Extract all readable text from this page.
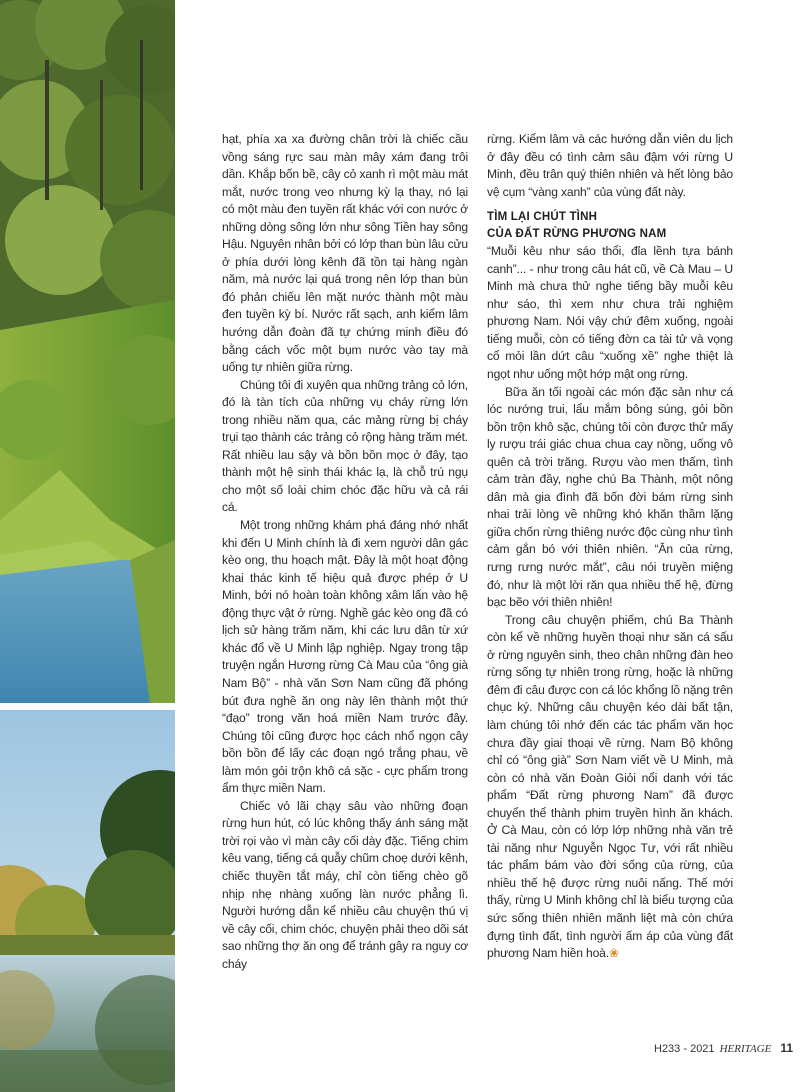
hạt, phía xa xa đường chân trời là chiếc cầu vồng sáng rực sau màn mây xám đang trôi dần. Khắp bốn bề, cây cỏ xanh rì một màu mát mắt, nước trong veo nhưng kỳ lạ thay, nó lại có một màu đen tuyền rất khác với con nước ở những dòng sông lớn như sông Tiền hay sông Hậu. Nguyên nhân bởi có lớp than bùn lâu cửu ở phía dưới lòng kênh đã tồn tại hàng ngàn năm, mà nước lại quá trong nên lớp than bùn đó phản chiếu lên mặt nước thành một màu đen tuyền kỳ bí. Nước rất sạch, anh kiểm lâm hướng dẫn đoàn đã tự chứng minh điều đó bằng cách vốc một bụm nước vào tay mà uống tự nhiên giữa rừng.

Chúng tôi đi xuyên qua những trảng cỏ lớn, đó là tàn tích của những vụ cháy rừng lớn trong nhiều năm qua, các mảng rừng bị cháy trụi tạo thành các trảng cỏ rộng hàng trăm mét. Rất nhiều lau sậy và bồn bồn mọc ở đây, tạo thành một hệ sinh thái khác lạ, là chỗ trú ngụ cho một số loài chim chóc đặc hữu và cả rái cá.

Một trong những khám phá đáng nhớ nhất khi đến U Minh chính là đi xem người dân gác kèo ong, thu hoạch mật. Đây là một hoạt động khai thác kinh tế hiệu quả được phép ở U Minh, bởi nó hoàn toàn không xâm lấn vào hệ động thực vật ở rừng. Nghề gác kèo ong đã có lịch sử hàng trăm năm, khi các lưu dân từ xứ khác đổ về U Minh lập nghiệp. Ngay trong tập truyện ngắn Hương rừng Cà Mau của “ông già Nam Bộ” - nhà văn Sơn Nam cũng đã phóng bút đưa nghề ăn ong này lên thành một thứ “đạo” trong văn hoá miền Nam trước đây. Chúng tôi cũng được học cách nhổ ngọn cây bồn bồn để lấy các đoạn ngó trắng phau, về làm món gỏi trộn khô cá sặc - cực phẩm trong ẩm thực miền Nam.

Chiếc vỏ lãi chạy sâu vào những đoạn rừng hun hút, có lúc không thấy ánh sáng mặt trời rọi vào vì màn cây cối dày đặc. Tiếng chim kêu vang, tiếng cá quẫy chũm choẹ dưới kênh, chiếc thuyền tắt máy, chỉ còn tiếng chèo gõ nhịp nhẹ nhàng xuống làn nước phẳng lì. Người hướng dẫn kể nhiều câu chuyện thú vị về cây cối, chim chóc, chuyện phải theo dõi sát sao những thợ ăn ong để tránh gây ra nguy cơ cháy

rừng. Kiểm lâm và các hướng dẫn viên du lịch ở đây đều có tình cảm sâu đậm với rừng U Minh, đều trân quý thiên nhiên và hết lòng bảo vệ cụm “vàng xanh” của vùng đất này.

TÌM LẠI CHÚT TÌNH
CỦA ĐẤT RỪNG PHƯƠNG NAM

“Muỗi kêu như sáo thổi, đỉa lềnh tựa bánh canh”... - như trong câu hát cũ, về Cà Mau – U Minh mà chưa thử nghe tiếng bầy muỗi kêu như sáo, thì xem như chưa trải nghiệm phương Nam. Nói vậy chứ đêm xuống, ngoài tiếng muỗi, còn có tiếng đờn ca tài tử và vọng cổ mỏi lần dứt câu “xuống xề” nghe thiệt là ngọt như uống một hớp mật ong rừng.

Bữa ăn tối ngoài các món đặc sản như cá lóc nướng trui, lẩu mắm bông súng, gỏi bồn bồn trộn khô sặc, chúng tôi còn được thử mấy ly rượu trái giác chua chua cay nồng, uống vô quên cả trời trăng. Rượu vào men thấm, tình cảm tràn đầy, nghe chú Ba Thành, một nông dân mà gia đình đã bốn đời bám rừng sinh nhai trải lòng về những khó khăn thầm lặng giữa chốn rừng thiêng nước độc cùng như tình cảm gắn bó với thiên nhiên. “Ăn của rừng, rưng rưng nước mắt”, câu nói truyền miệng đó, như là một lời răn qua nhiều thế hệ, đừng bạc bẽo với thiên nhiên!

Trong câu chuyện phiếm, chú Ba Thành còn kể về những huyền thoại như săn cá sấu ở rừng nguyên sinh, theo chân những đàn heo rừng sống tự nhiên trong rừng, hoặc là những đêm đi câu được con cá lóc khổng lồ nặng trên chục ký. Những câu chuyện kéo dài bất tận, làm chúng tôi nhớ đến các tác phẩm văn học chưa đầy giai thoại về rừng. Nam Bộ không chỉ có “ông già” Sơn Nam viết về U Minh, mà còn có nhà văn Đoàn Giỏi nổi danh với tác phẩm “Đất rừng phương Nam” đã được chuyển thể thành phim truyền hình ăn khách. Ở Cà Mau, còn có lớp lớp những nhà văn trẻ tài năng như Nguyễn Ngọc Tư, với rất nhiều tác phẩm bám vào đời sống của rừng, của nhiều thế hệ được rừng nuôi nấng. Thế mới thấy, rừng U Minh không chỉ là biểu tượng của sức sống thiên nhiên mãnh liệt mà còn chứa đựng tình đất, tình người ấm áp của vùng đất phương Nam hiền hoà.❀

H233 - 2021 HERITAGE 11
